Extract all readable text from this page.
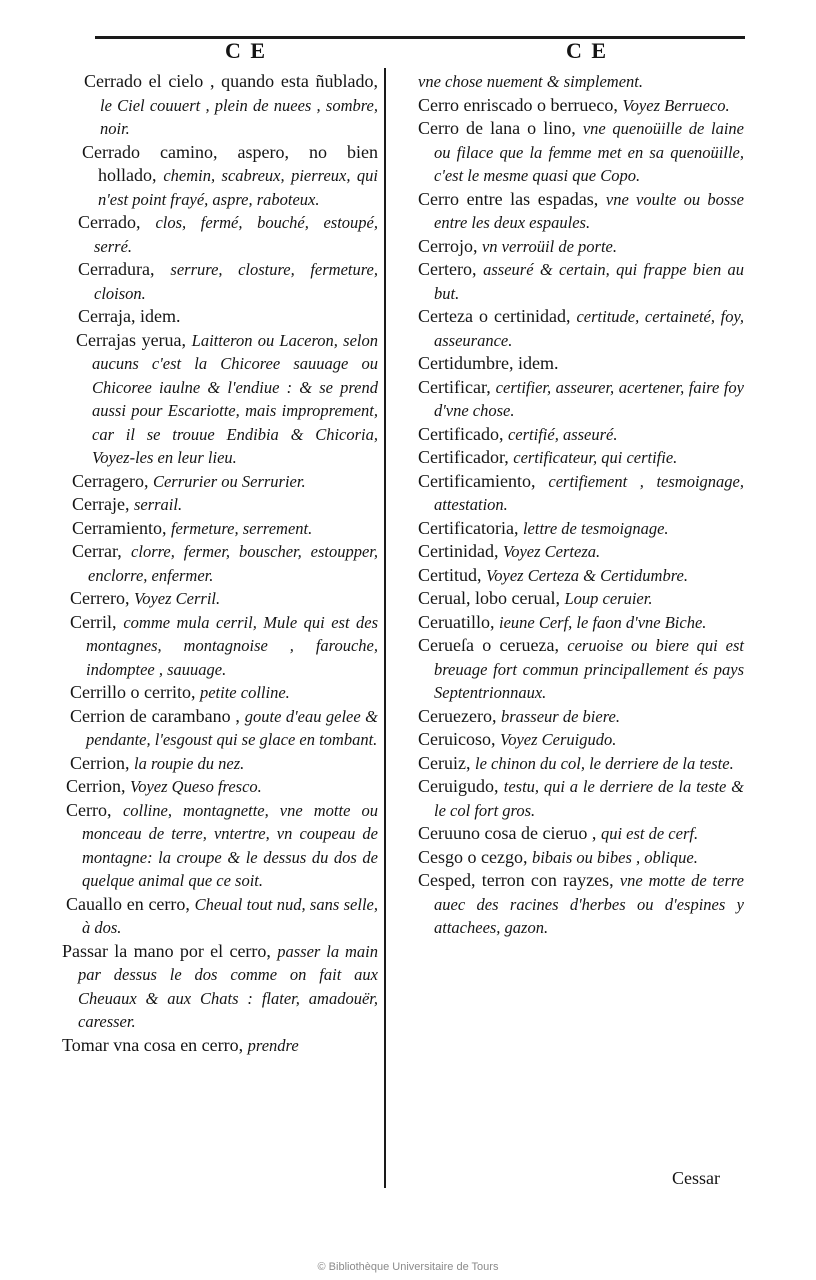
C E	C E

Cerrado el cielo , quando esta ñublado, le Ciel couuert , plein de nuees , sombre, noir.

Cerrado camino, aspero, no bien hollado, chemin, scabreux, pierreux, qui n'est point frayé, aspre, raboteux.

Cerrado, clos, fermé, bouché, estoupé, serré.

Cerradura, serrure, closture, fermeture, cloison.

Cerraja, idem.

Cerrajas yerua, Laitteron ou Laceron, selon aucuns c'est la Chicoree sauuage ou Chicoree iaulne & l'endiue : & se prend aussi pour Escariotte, mais improprement, car il se trouue Endibia & Chicoria, Voyez-les en leur lieu.

Cerragero, Cerrurier ou Serrurier.

Cerraje, serrail.

Cerramiento, fermeture, serrement.

Cerrar, clorre, fermer, bouscher, estoupper, enclorre, enfermer.

Cerrero, Voyez Cerril.

Cerril, comme mula cerril, Mule qui est des montagnes, montagnoise , farouche, indomptee , sauuage.

Cerrillo o cerrito, petite colline.

Cerrion de carambano , goute d'eau gelee & pendante, l'esgoust qui se glace en tombant.

Cerrion, la roupie du nez.

Cerrion, Voyez Queso fresco.

Cerro, colline, montagnette, vne motte ou monceau de terre, vntertre, vn coupeau de montagne: la croupe & le dessus du dos de quelque animal que ce soit.

Cauallo en cerro, Cheual tout nud, sans selle, à dos.

Passar la mano por el cerro, passer la main par dessus le dos comme on fait aux Cheuaux & aux Chats : flater, amadouër, caresser.

Tomar vna cosa en cerro, prendre

vne chose nuement & simplement.

Cerro enriscado o berrueco, Voyez Berrueco.

Cerro de lana o lino, vne quenoüille de laine ou filace que la femme met en sa quenoüille, c'est le mesme quasi que Copo.

Cerro entre las espadas, vne voulte ou bosse entre les deux espaules.

Cerrojo, vn verroüil de porte.

Certero, asseuré & certain, qui frappe bien au but.

Certeza o certinidad, certitude, certaineté, foy, asseurance.

Certidumbre, idem.

Certificar, certifier, asseurer, acertener, faire foy d'vne chose.

Certificado, certifié, asseuré.

Certificador, certificateur, qui certifie.

Certificamiento, certifiement , tesmoignage, attestation.

Certificatoria, lettre de tesmoignage.

Certinidad, Voyez Certeza.

Certitud, Voyez Certeza & Certidumbre.

Cerual, lobo cerual, Loup ceruier.

Ceruatillo, ieune Cerf, le faon d'vne Biche.

Cerueſa o cerueza, ceruoise ou biere qui est breuage fort commun principallement és pays Septentrionnaux.

Ceruezero, brasseur de biere.

Ceruicoso, Voyez Ceruigudo.

Ceruiz, le chinon du col, le derriere de la teste.

Ceruigudo, testu, qui a le derriere de la teste & le col fort gros.

Ceruuno cosa de cieruo , qui est de cerf.

Cesgo o cezgo, bibais ou bibes , oblique.

Cesped, terron con rayzes, vne motte de terre auec des racines d'herbes ou d'espines y attachees, gazon.

Cessar
© Bibliothèque Universitaire de Tours
